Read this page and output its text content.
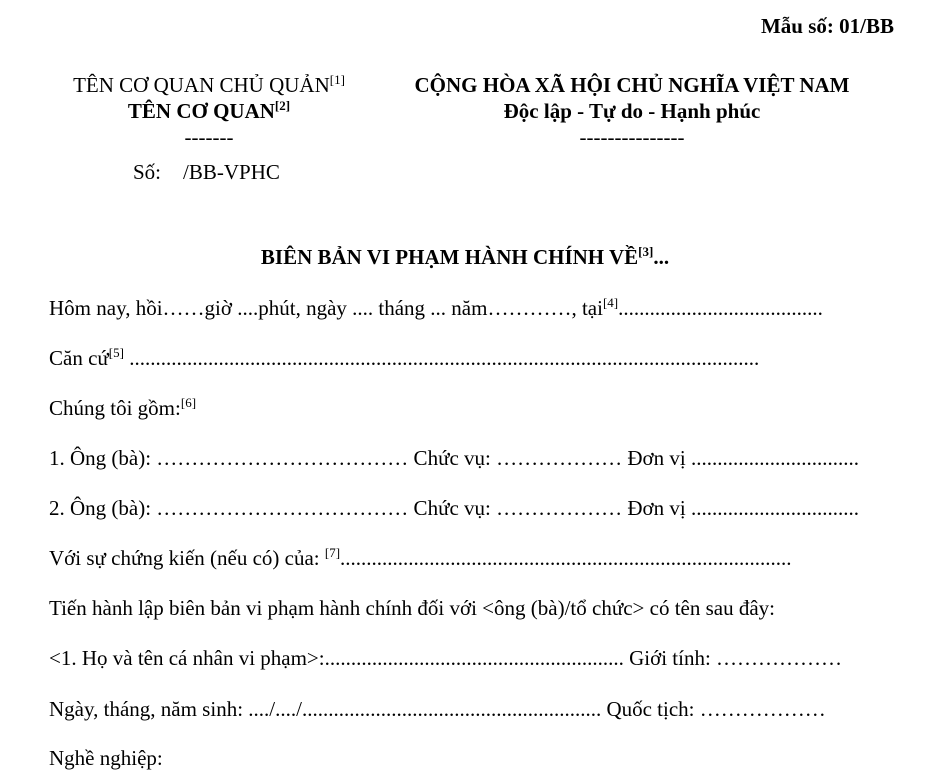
Mẫu số: 01/BB
TÊN CƠ QUAN CHỦ QUẢN[1]
TÊN CƠ QUAN[2]
-------
CỘNG HÒA XÃ HỘI CHỦ NGHĨA VIỆT NAM
Độc lập - Tự do - Hạnh phúc
---------------
Số: /BB-VPHC
BIÊN BẢN VI PHẠM HÀNH CHÍNH VỀ[3]...
Hôm nay, hồi……giờ ....phút, ngày .... tháng ... năm…………, tại[4].......................................
Căn cứ[5] ........................................................................................................................
Chúng tôi gồm:[6]
1. Ông (bà): ……………………………… Chức vụ: ……………… Đơn vị ................................
2. Ông (bà): ……………………………… Chức vụ: ……………… Đơn vị ................................
Với sự chứng kiến (nếu có) của: [7]......................................................................................
Tiến hành lập biên bản vi phạm hành chính đối với <ông (bà)/tổ chức> có tên sau đây:
<1. Họ và tên cá nhân vi phạm>:......................................................... Giới tính: ………………
Ngày, tháng, năm sinh: ..../..../......................................................... Quốc tịch: ………………
Nghề nghiệp:
